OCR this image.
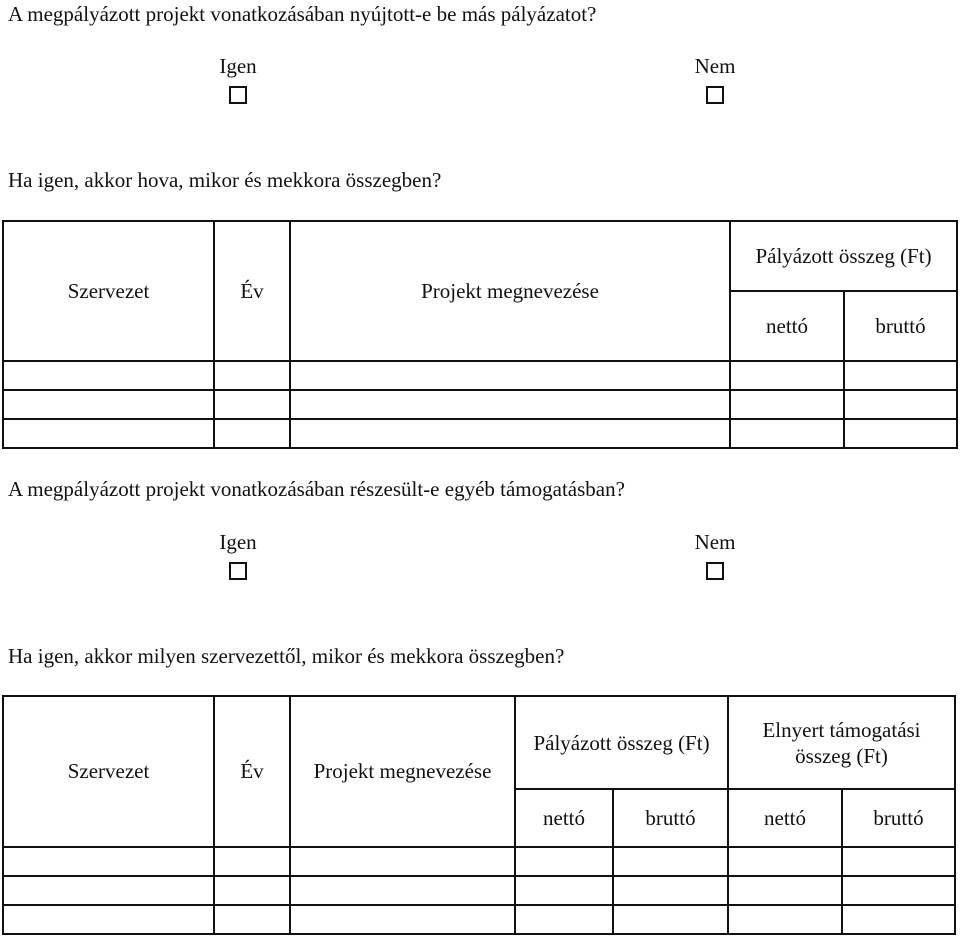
A megpályázott projekt vonatkozásában nyújtott-e be más pályázatot?
Igen	Nem
Ha igen, akkor hova, mikor és mekkora összegben?
Szervezet	Év	Projekt megnevezése	Pályázott összeg (Ft)	
			nettó	bruttó

A megpályázott projekt vonatkozásában részesült-e egyéb támogatásban?
Igen	Nem
Ha igen, akkor milyen szervezettől, mikor és mekkora összegben?
Szervezet	Év	Projekt megnevezése	Pályázott összeg (Ft)		Elnyert támogatási összeg (Ft)	
			nettó	bruttó	nettó	bruttó
